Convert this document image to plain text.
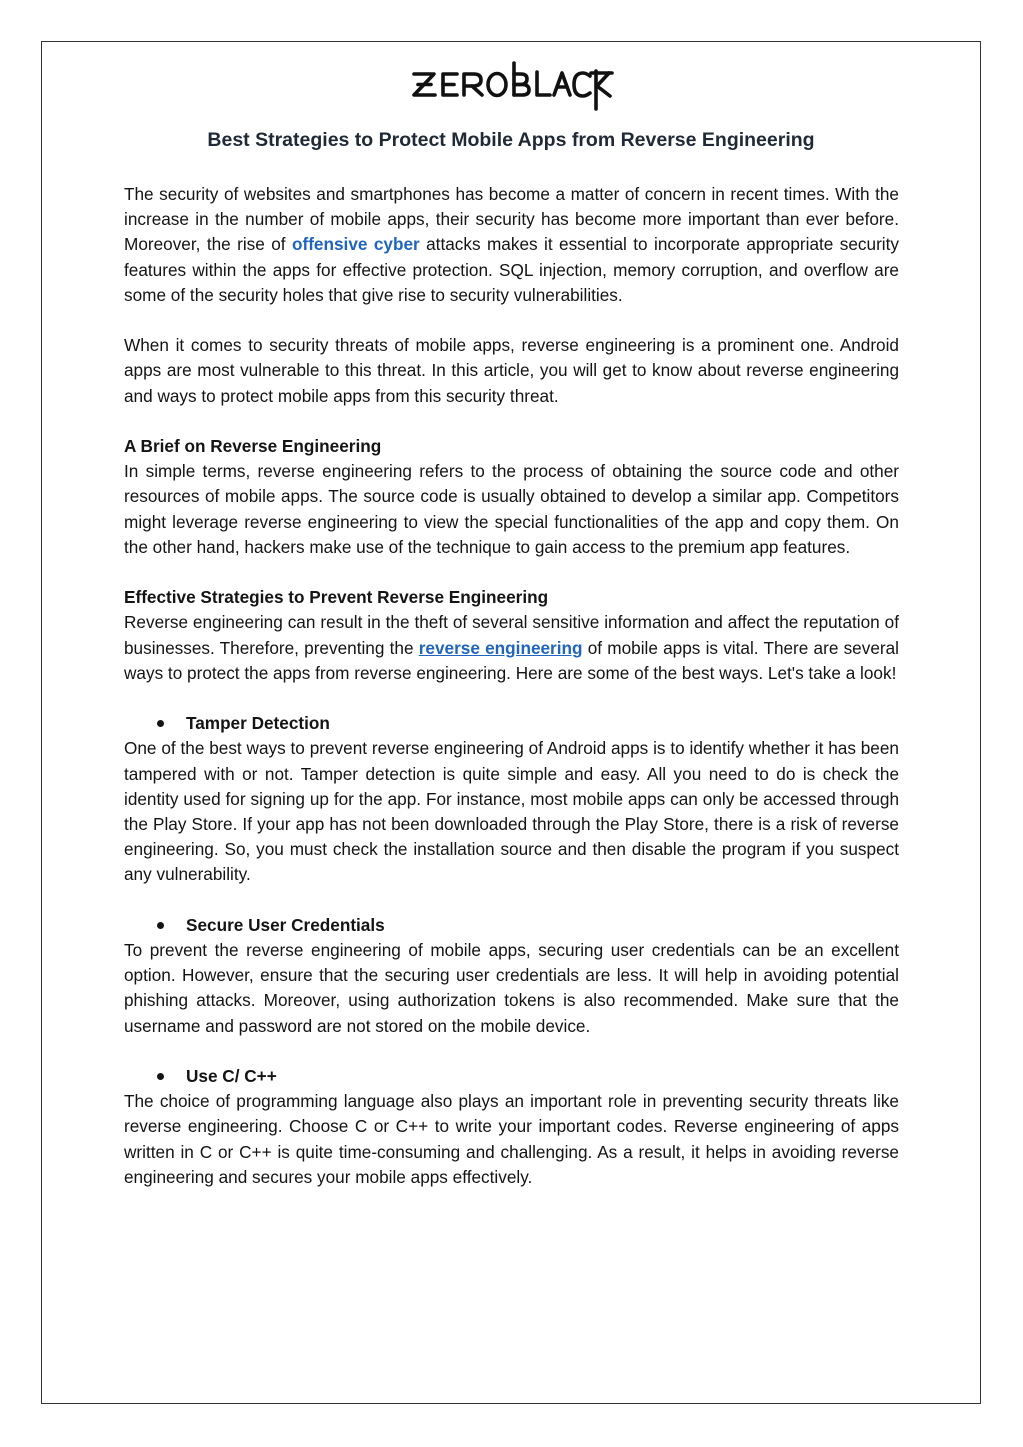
Best Strategies to Protect Mobile Apps from Reverse Engineering

The security of websites and smartphones has become a matter of concern in recent times. With the increase in the number of mobile apps, their security has become more important than ever before. Moreover, the rise of offensive cyber attacks makes it essential to incorporate appropriate security features within the apps for effective protection. SQL injection, memory corruption, and overflow are some of the security holes that give rise to security vulnerabilities.

When it comes to security threats of mobile apps, reverse engineering is a prominent one. Android apps are most vulnerable to this threat. In this article, you will get to know about reverse engineering and ways to protect mobile apps from this security threat.

A Brief on Reverse Engineering

In simple terms, reverse engineering refers to the process of obtaining the source code and other resources of mobile apps. The source code is usually obtained to develop a similar app. Competitors might leverage reverse engineering to view the special functionalities of the app and copy them. On the other hand, hackers make use of the technique to gain access to the premium app features.

Effective Strategies to Prevent Reverse Engineering

Reverse engineering can result in the theft of several sensitive information and affect the reputation of businesses. Therefore, preventing the reverse engineering of mobile apps is vital. There are several ways to protect the apps from reverse engineering. Here are some of the best ways. Let's take a look!

Tamper Detection

One of the best ways to prevent reverse engineering of Android apps is to identify whether it has been tampered with or not. Tamper detection is quite simple and easy. All you need to do is check the identity used for signing up for the app. For instance, most mobile apps can only be accessed through the Play Store. If your app has not been downloaded through the Play Store, there is a risk of reverse engineering. So, you must check the installation source and then disable the program if you suspect any vulnerability.

Secure User Credentials

To prevent the reverse engineering of mobile apps, securing user credentials can be an excellent option. However, ensure that the securing user credentials are less. It will help in avoiding potential phishing attacks. Moreover, using authorization tokens is also recommended. Make sure that the username and password are not stored on the mobile device.

Use C/ C++

The choice of programming language also plays an important role in preventing security threats like reverse engineering. Choose C or C++ to write your important codes. Reverse engineering of apps written in C or C++ is quite time-consuming and challenging. As a result, it helps in avoiding reverse engineering and secures your mobile apps effectively.
